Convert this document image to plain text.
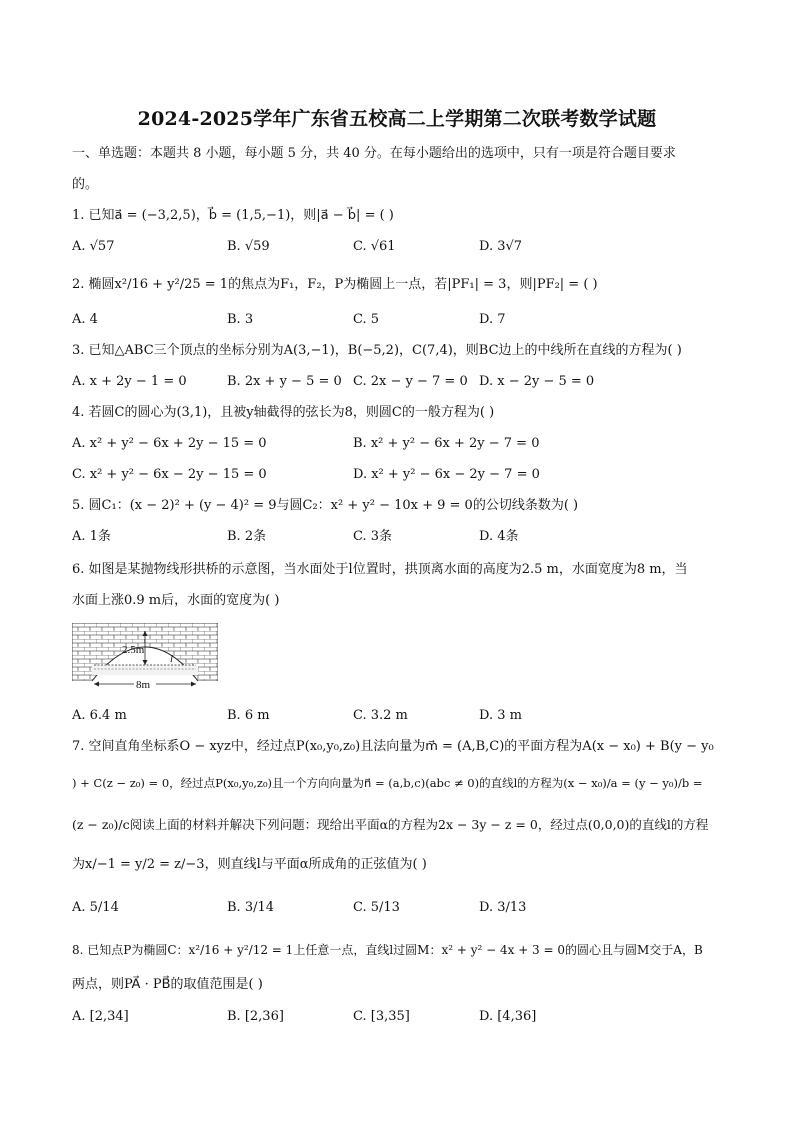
2024-2025学年广东省五校高二上学期第二次联考数学试题
一、单选题：本题共 8 小题，每小题 5 分，共 40 分。在每小题给出的选项中，只有一项是符合题目要求
的。
1. 已知a⃗ = (−3,2,5)，b⃗ = (1,5,−1)，则|a⃗ − b⃗| = ( )
A. √57	B. √59	C. √61	D. 3√7
2. 椭圆x²/16 + y²/25 = 1的焦点为F₁，F₂，P为椭圆上一点，若|PF₁| = 3，则|PF₂| = ( )
A. 4	B. 3	C. 5	D. 7
3. 已知△ABC三个顶点的坐标分别为A(3,−1)，B(−5,2)，C(7,4)，则BC边上的中线所在直线的方程为( )
A. x + 2y − 1 = 0	B. 2x + y − 5 = 0 C. 2x − y − 7 = 0 D. x − 2y − 5 = 0
4. 若圆C的圆心为(3,1)，且被y轴截得的弦长为8，则圆C的一般方程为( )
A. x² + y² − 6x + 2y − 15 = 0	B. x² + y² − 6x + 2y − 7 = 0
C. x² + y² − 6x − 2y − 15 = 0	D. x² + y² − 6x − 2y − 7 = 0
5. 圆C₁：(x − 2)² + (y − 4)² = 9与圆C₂：x² + y² − 10x + 9 = 0的公切线条数为( )
A. 1条	B. 2条	C. 3条	D. 4条
6. 如图是某抛物线形拱桥的示意图，当水面处于l位置时，拱顶离水面的高度为2.5 m，水面宽度为8 m，当
水面上涨0.9 m后，水面的宽度为( )
2.5m
l
8m
A. 6.4 m	B. 6 m	C. 3.2 m	D. 3 m
7. 空间直角坐标系O − xyz中，经过点P(x₀,y₀,z₀)且法向量为m⃗ = (A,B,C)的平面方程为A(x − x₀) + B(y − y₀
) + C(z − z₀) = 0，经过点P(x₀,y₀,z₀)且一个方向向量为n⃗ = (a,b,c)(abc ≠ 0)的直线l的方程为(x − x₀)/a = (y − y₀)/b =
(z − z₀)/c阅读上面的材料并解决下列问题：现给出平面α的方程为2x − 3y − z = 0，经过点(0,0,0)的直线l的方程
为x/−1 = y/2 = z/−3，则直线l与平面α所成角的正弦值为( )
A. 5/14	B. 3/14	C. 5/13	D. 3/13
8. 已知点P为椭圆C：x²/16 + y²/12 = 1上任意一点，直线l过圆M：x² + y² − 4x + 3 = 0的圆心且与圆M交于A，B
两点，则PA⃗ · PB⃗的取值范围是( )
A. [2,34]	B. [2,36]	C. [3,35]	D. [4,36]
